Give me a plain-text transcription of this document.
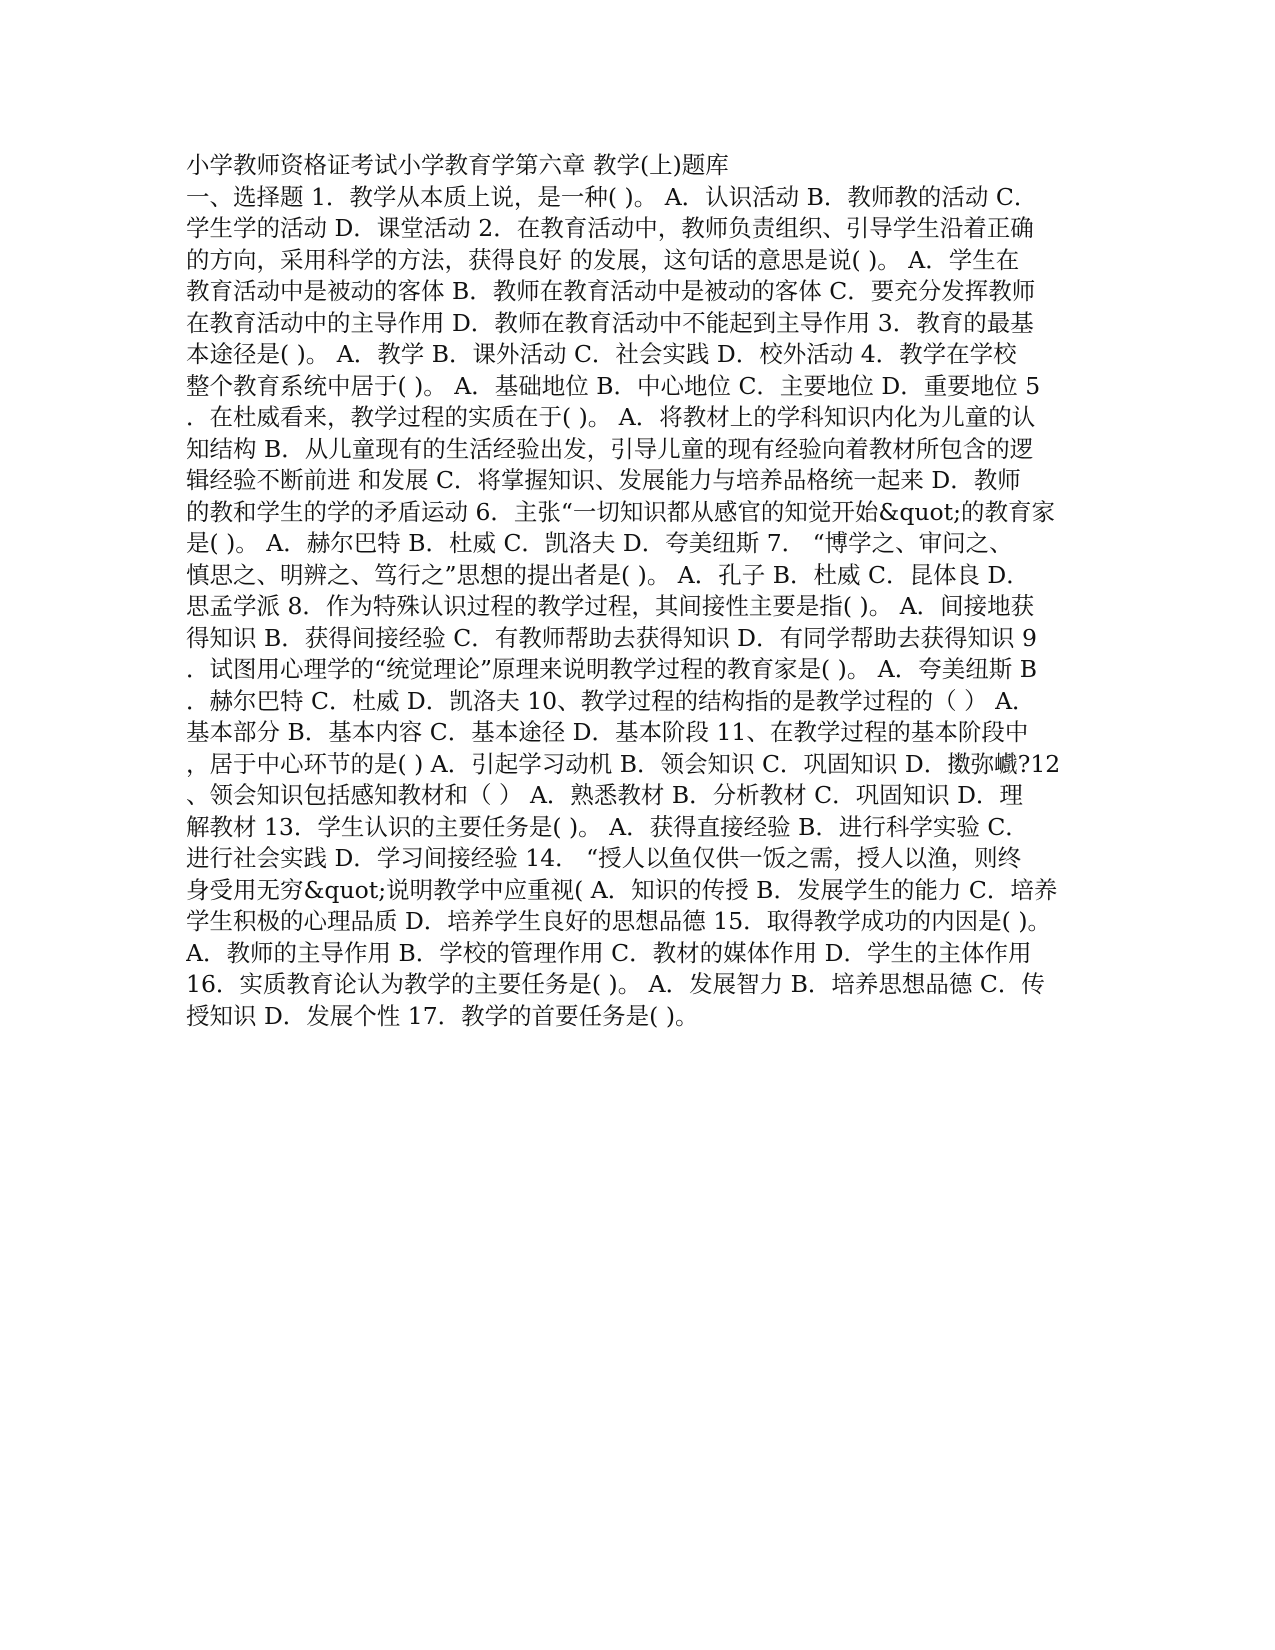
小学教师资格证考试小学教育学第六章 教学(上)题库
一、选择题 1．教学从本质上说，是一种( )。 A．认识活动 B．教师教的活动 C．
学生学的活动 D．课堂活动 2．在教育活动中，教师负责组织、引导学生沿着正确
的方向，采用科学的方法，获得良好 的发展，这句话的意思是说( )。 A．学生在
教育活动中是被动的客体 B．教师在教育活动中是被动的客体 C．要充分发挥教师
在教育活动中的主导作用 D．教师在教育活动中不能起到主导作用 3．教育的最基
本途径是( )。 A．教学 B．课外活动 C．社会实践 D．校外活动 4．教学在学校
整个教育系统中居于( )。 A．基础地位 B．中心地位 C．主要地位 D．重要地位 5
．在杜威看来，教学过程的实质在于( )。 A．将教材上的学科知识内化为儿童的认
知结构 B．从儿童现有的生活经验出发，引导儿童的现有经验向着教材所包含的逻
辑经验不断前进 和发展 C．将掌握知识、发展能力与培养品格统一起来 D．教师
的教和学生的学的矛盾运动 6．主张“一切知识都从感官的知觉开始&quot;的教育家
是( )。 A．赫尔巴特 B．杜威 C．凯洛夫 D．夸美纽斯 7． “博学之、审问之、
慎思之、明辨之、笃行之”思想的提出者是( )。 A．孔子 B．杜威 C．昆体良 D．
思孟学派 8．作为特殊认识过程的教学过程，其间接性主要是指( )。 A．间接地获
得知识 B．获得间接经验 C．有教师帮助去获得知识 D．有同学帮助去获得知识 9
．试图用心理学的“统觉理论”原理来说明教学过程的教育家是( )。 A．夸美纽斯 B
．赫尔巴特 C．杜威 D．凯洛夫 10、教学过程的结构指的是教学过程的（ ） A．
基本部分 B．基本内容 C．基本途径 D．基本阶段 11、在教学过程的基本阶段中
，居于中心环节的是( ) A．引起学习动机 B．领会知识 C．巩固知识 D．擞弥巇?12
、领会知识包括感知教材和（ ） A．熟悉教材 B．分析教材 C．巩固知识 D．理
解教材 13．学生认识的主要任务是( )。 A．获得直接经验 B．进行科学实验 C．
进行社会实践 D．学习间接经验 14． “授人以鱼仅供一饭之需，授人以渔，则终
身受用无穷&quot;说明教学中应重视( A．知识的传授 B．发展学生的能力 C．培养
学生积极的心理品质 D．培养学生良好的思想品德 15．取得教学成功的内因是( )。
A．教师的主导作用 B．学校的管理作用 C．教材的媒体作用 D．学生的主体作用
16．实质教育论认为教学的主要任务是( )。 A．发展智力 B．培养思想品德 C．传
授知识 D．发展个性 17．教学的首要任务是( )。
